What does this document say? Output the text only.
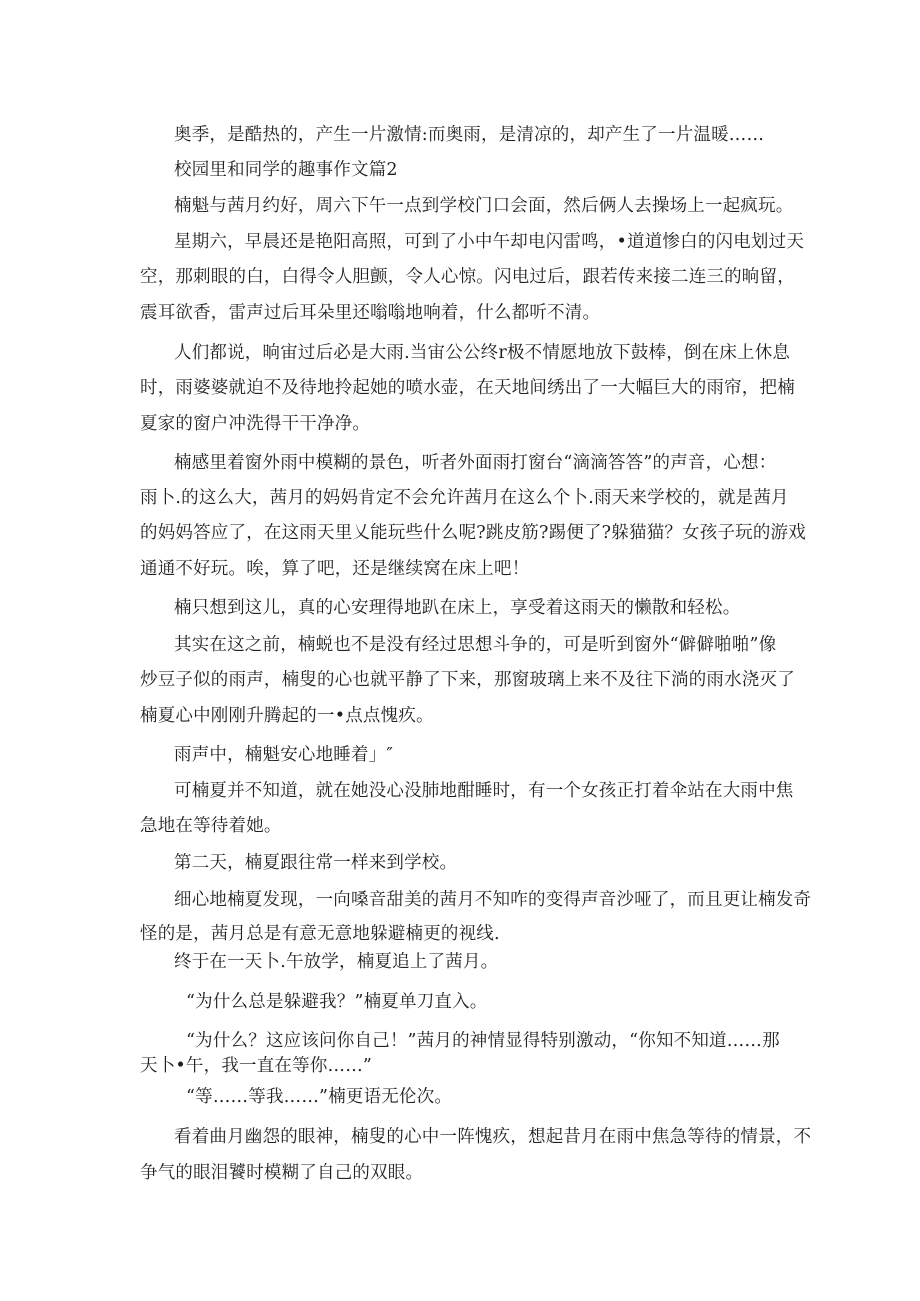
奥季，是酷热的，产生一片激情:而奥雨，是清凉的，却产生了一片温暖……
校园里和同学的趣事作文篇2
楠魁与茜月约好，周六下午一点到学校门口会面，然后俩人去操场上一起疯玩。
星期六，早晨还是艳阳高照，可到了小中午却电闪雷鸣，•道道惨白的闪电划过天
空，那刺眼的白，白得令人胆颤，令人心惊。闪电过后，跟若传来接二连三的晌留，
震耳欲香，雷声过后耳朵里还嗡嗡地响着，什么都听不清。
人们都说，晌宙过后必是大雨.当宙公公终r极不情愿地放下鼓棒，倒在床上休息
时，雨婆婆就迫不及待地拎起她的喷水壶，在天地间绣出了一大幅巨大的雨帘，把楠
夏家的窗户冲洗得干干净净。
楠感里着窗外雨中模糊的景色，听者外面雨打窗台“滴滴答答”的声音，心想：
雨卜.的这么大，茜月的妈妈肯定不会允许茜月在这么个卜.雨天来学校的，就是茜月
的妈妈答应了，在这雨天里乂能玩些什么呢?跳皮筋?踢便了?躲猫猫？女孩子玩的游戏
通通不好玩。唉，算了吧，还是继续窝在床上吧！
楠只想到这儿，真的心安理得地趴在床上，享受着这雨天的懒散和轻松。
其实在这之前，楠蜕也不是没有经过思想斗争的，可是听到窗外“僻僻啪啪”像
炒豆子似的雨声，楠叟的心也就平静了下来，那窗玻璃上来不及往下淌的雨水浇灭了
楠夏心中刚刚升腾起的一•点点愧疚。
雨声中，楠魁安心地睡着」″
可楠夏并不知道，就在她没心没肺地酣睡时，有一个女孩正打着伞站在大雨中焦
急地在等待着她。
第二天，楠夏跟往常一样来到学校。
细心地楠夏发现，一向嗓音甜美的茜月不知咋的变得声音沙哑了，而且更让楠发奇
怪的是，茜月总是有意无意地躲避楠更的视线.
终于在一天卜.午放学，楠夏追上了茜月。
“为什么总是躲避我？”楠夏单刀直入。
“为什么？这应该问你自己！”茜月的神情显得特别激动，“你知不知道……那
天卜•午，我一直在等你……”
“等……等我……”楠更语无伦次。
看着曲月幽怨的眼神，楠叟的心中一阵愧疚，想起昔月在雨中焦急等待的情景，不
争气的眼泪饕时模糊了自己的双眼。
